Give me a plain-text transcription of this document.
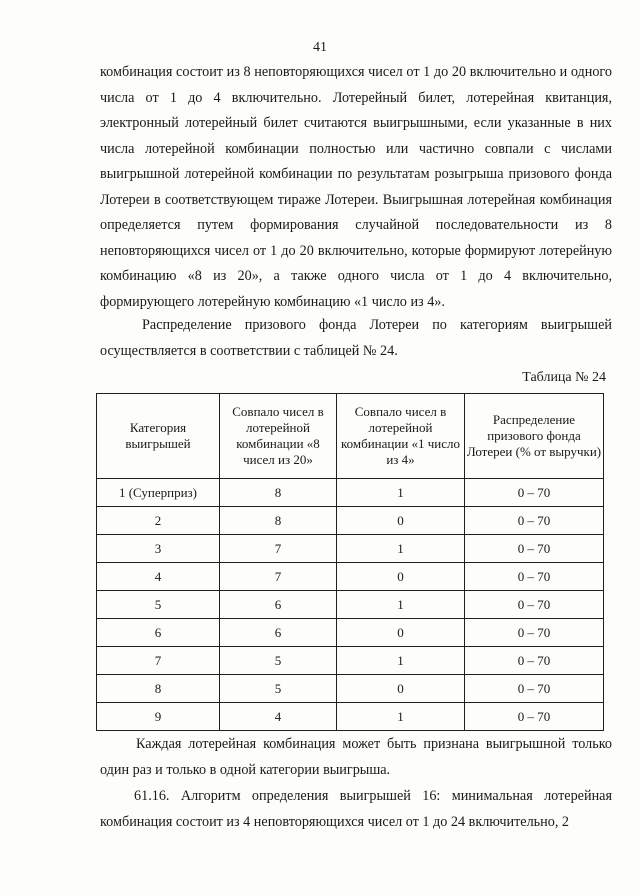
41

комбинация состоит из 8 неповторяющихся чисел от 1 до 20 включительно и одного числа от 1 до 4 включительно. Лотерейный билет, лотерейная квитанция, электронный лотерейный билет считаются выигрышными, если указанные в них числа лотерейной комбинации полностью или частично совпали с числами выигрышной лотерейной комбинации по результатам розыгрыша призового фонда Лотереи в соответствующем тираже Лотереи. Выигрышная лотерейная комбинация определяется путем формирования случайной последовательности из 8 неповторяющихся чисел от 1 до 20 включительно, которые формируют лотерейную комбинацию «8 из 20», а также одного числа от 1 до 4 включительно, формирующего лотерейную комбинацию «1 число из 4».

Распределение призового фонда Лотереи по категориям выигрышей осуществляется в соответствии с таблицей № 24.

Таблица № 24
Категория выигрышей	Совпало чисел в лотерейной комбинации «8 чисел из 20»	Совпало чисел в лотерейной комбинации «1 число из 4»	Распределение призового фонда Лотереи (% от выручки)
1 (Суперприз)	8	1	0 – 70
2	8	0	0 – 70
3	7	1	0 – 70
4	7	0	0 – 70
5	6	1	0 – 70
6	6	0	0 – 70
7	5	1	0 – 70
8	5	0	0 – 70
9	4	1	0 – 70

Каждая лотерейная комбинация может быть признана выигрышной только один раз и только в одной категории выигрыша.

61.16. Алгоритм определения выигрышей 16: минимальная лотерейная комбинация состоит из 4 неповторяющихся чисел от 1 до 24 включительно, 2
